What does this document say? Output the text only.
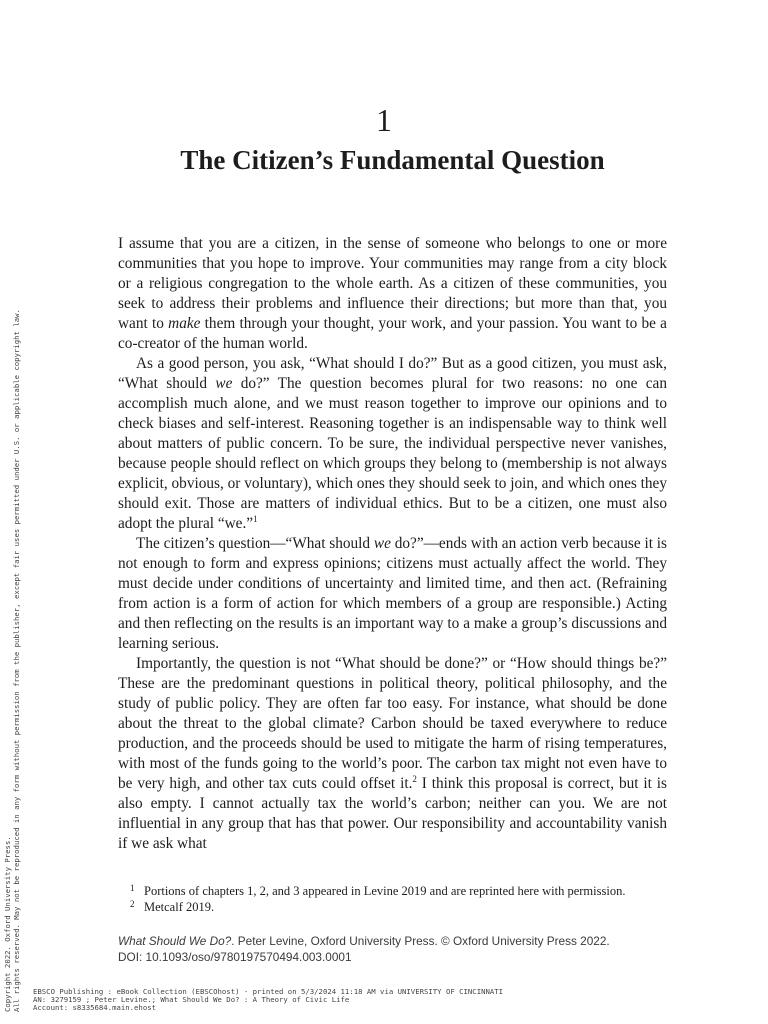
1
The Citizen’s Fundamental Question

I assume that you are a citizen, in the sense of someone who belongs to one or more communities that you hope to improve. Your communities may range from a city block or a religious congregation to the whole earth. As a citizen of these communities, you seek to address their problems and influence their directions; but more than that, you want to make them through your thought, your work, and your passion. You want to be a co-creator of the human world.

As a good person, you ask, “What should I do?” But as a good citizen, you must ask, “What should we do?” The question becomes plural for two reasons: no one can accomplish much alone, and we must reason together to improve our opinions and to check biases and self-interest. Reasoning together is an indispensable way to think well about matters of public concern. To be sure, the individual perspective never vanishes, because people should reflect on which groups they belong to (membership is not always explicit, obvious, or voluntary), which ones they should seek to join, and which ones they should exit. Those are matters of individual ethics. But to be a citizen, one must also adopt the plural “we.”$^1$

The citizen’s question—“What should we do?”—ends with an action verb because it is not enough to form and express opinions; citizens must actually affect the world. They must decide under conditions of uncertainty and limited time, and then act. (Refraining from action is a form of action for which members of a group are responsible.) Acting and then reflecting on the results is an important way to a make a group’s discussions and learning serious.

Importantly, the question is not “What should be done?” or “How should things be?” These are the predominant questions in political theory, political philosophy, and the study of public policy. They are often far too easy. For instance, what should be done about the threat to the global climate? Carbon should be taxed everywhere to reduce production, and the proceeds should be used to mitigate the harm of rising temperatures, with most of the funds going to the world’s poor. The carbon tax might not even have to be very high, and other tax cuts could offset it.$^2$ I think this proposal is correct, but it is also empty. I cannot actually tax the world’s carbon; neither can you. We are not influential in any group that has that power. Our responsibility and accountability vanish if we ask what

1 Portions of chapters 1, 2, and 3 appeared in Levine 2019 and are reprinted here with permission.
2 Metcalf 2019.
What Should We Do?. Peter Levine, Oxford University Press. © Oxford University Press 2022.
DOI: 10.1093/oso/9780197570494.003.0001
EBSCO Publishing : eBook Collection (EBSCOhost) - printed on 5/3/2024 11:18 AM via UNIVERSITY OF CINCINNATI
AN: 3279159 ; Peter Levine.; What Should We Do? : A Theory of Civic Life
Account: s8335684.main.ehost
Copyright 2022. Oxford University Press. All rights reserved. May not be reproduced in any form without permission from the publisher, except fair uses permitted under U.S. or applicable copyright law.
